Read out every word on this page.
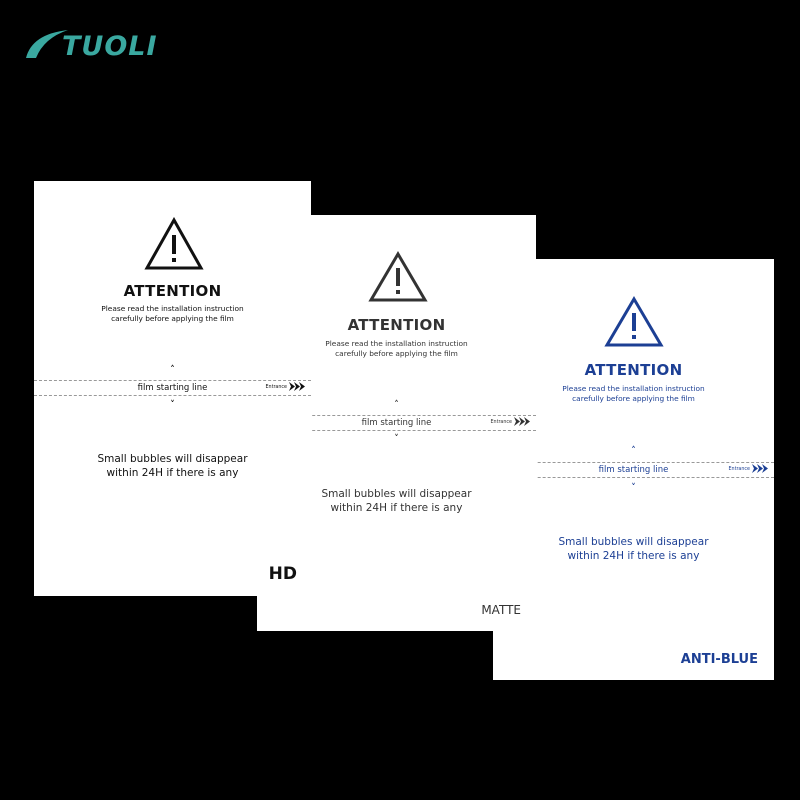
TUOLI
ATTENTION
Please read the installation instruction
carefully before applying the film
˄
film starting line	Entrance
˅
Small bubbles will disappear
within 24H if there is any
ANTI-BLUE
ATTENTION
Please read the installation instruction
carefully before applying the film
˄
film starting line	Entrance
˅
Small bubbles will disappear
within 24H if there is any
MATTE
ATTENTION
Please read the installation instruction
carefully before applying the film
˄
film starting line	Entrance
˅
Small bubbles will disappear
within 24H if there is any
HD
